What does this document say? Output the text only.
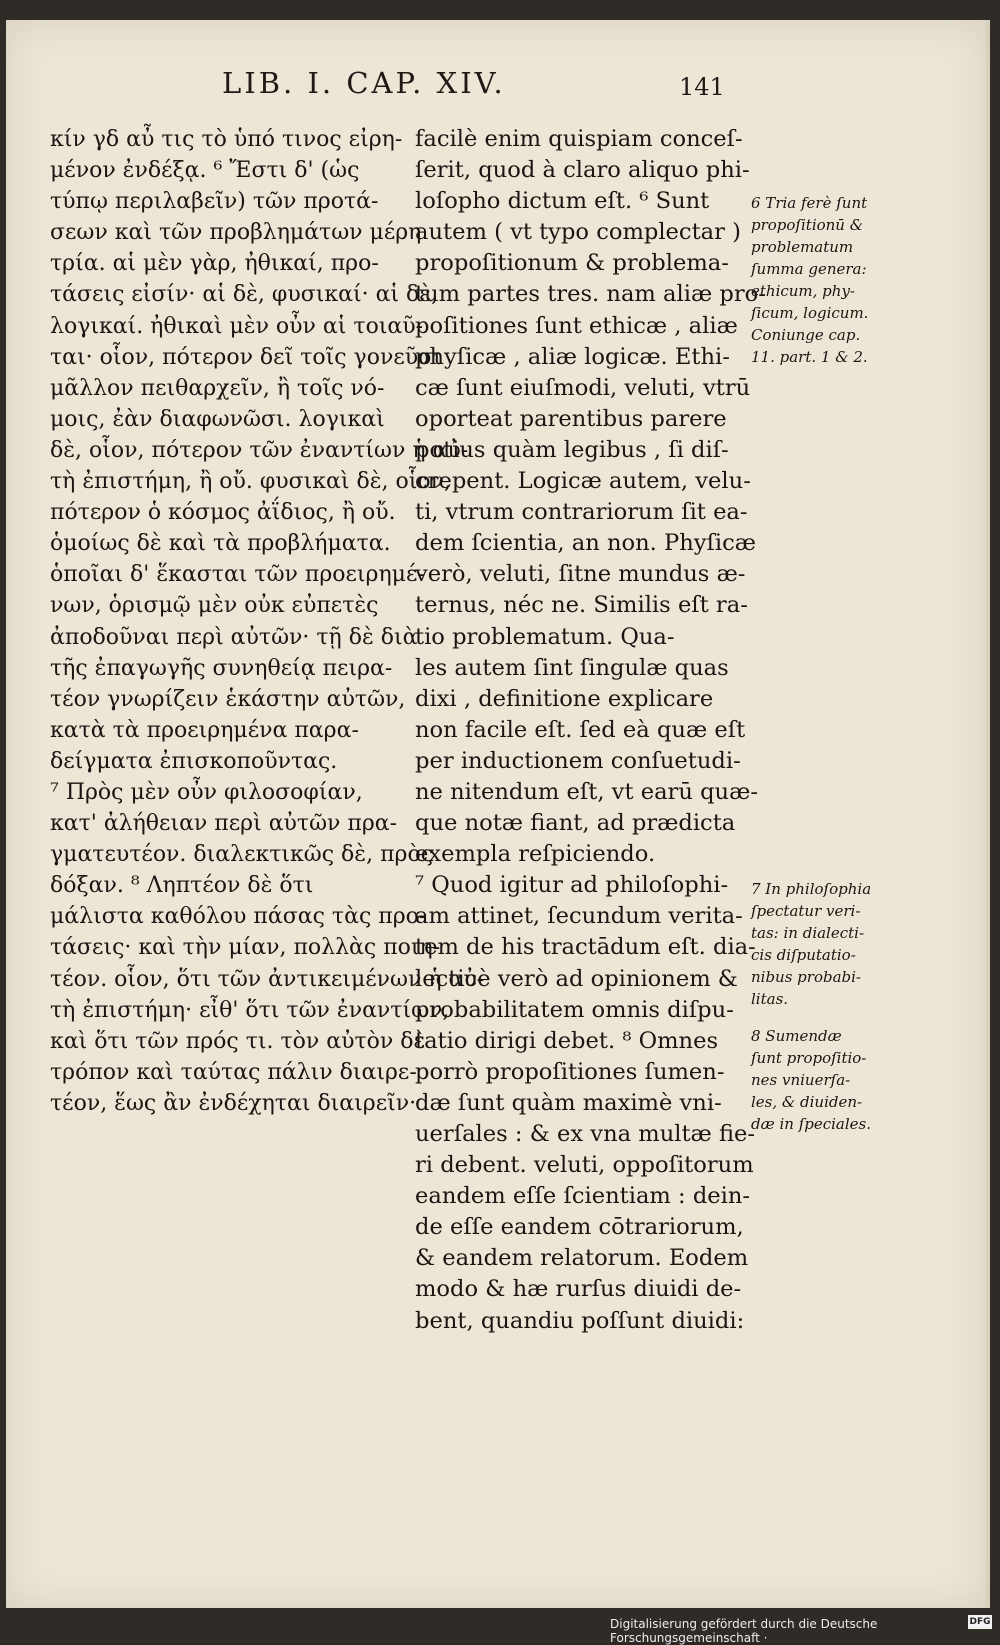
LIB. I. CAP. XIV.	141
κίν γδ αὖ τις τὸ ὑπό τινος εἰρη-
μένον ἐνδέξᾳ. ⁶ Ἔστι δ' (ὡς
τύπῳ περιλαβεῖν) τῶν προτά-
σεων καὶ τῶν προβλημάτων μέρη
τρία. αἱ μὲν γὰρ, ἠθικαί, προ-
τάσεις εἰσίν· αἱ δὲ, φυσικαί· αἱ δὲ,
λογικαί. ἠθικαὶ μὲν οὖν αἱ τοιαῦ-
ται· οἷον, πότερον δεῖ τοῖς γονεῦσι
μᾶλλον πειθαρχεῖν, ἢ τοῖς νό-
μοις, ἐὰν διαφωνῶσι. λογικαὶ
δὲ, οἷον, πότερον τῶν ἐναντίων ἡ αὐ-
τὴ ἐπιστήμη, ἢ οὔ. φυσικαὶ δὲ, οἷον,
πότερον ὁ κόσμος ἀΐδιος, ἢ οὔ.
ὁμοίως δὲ καὶ τὰ προβλήματα.
ὁποῖαι δ' ἕκασται τῶν προειρημέ-
νων, ὁρισμῷ μὲν οὐκ εὐπετὲς
ἀποδοῦναι περὶ αὐτῶν· τῇ δὲ διὰ
τῆς ἐπαγωγῆς συνηθείᾳ πειρα-
τέον γνωρίζειν ἑκάστην αὐτῶν,
κατὰ τὰ προειρημένα παρα-
δείγματα ἐπισκοποῦντας.
⁷ Πρὸς μὲν οὖν φιλοσοφίαν,
κατ' ἀλήθειαν περὶ αὐτῶν πρα-
γματευτέον. διαλεκτικῶς δὲ, πρὸς
δόξαν. ⁸ Ληπτέον δὲ ὅτι
μάλιστα καθόλου πάσας τὰς προ-
τάσεις· καὶ τὴν μίαν, πολλὰς ποιη-
τέον. οἷον, ὅτι τῶν ἀντικειμένων ἡ αὐ-
τὴ ἐπιστήμη· εἶθ' ὅτι τῶν ἐναντίων,
καὶ ὅτι τῶν πρός τι. τὸν αὐτὸν δὲ
τρόπον καὶ ταύτας πάλιν διαιρε-
τέον, ἕως ἂν ἐνδέχηται διαιρεῖν·
facilè enim quispiam conceſ-
ſerit, quod à claro aliquo phi-
loſopho dictum eſt. ⁶ Sunt
autem ( vt typo complectar )
propoſitionum & problema-
tum partes tres. nam aliæ pro-
poſitiones ſunt ethicæ , aliæ
phyſicæ , aliæ logicæ. Ethi-
cæ ſunt eiuſmodi, veluti, vtrū
oporteat parentibus parere
potius quàm legibus , ſi diſ-
crepent. Logicæ autem, velu-
ti, vtrum contrariorum ſit ea-
dem ſcientia, an non. Phyſicæ
verò, veluti, ſitne mundus æ-
ternus, néc ne. Similis eſt ra-
tio problematum. Qua-
les autem ſint ſingulæ quas
dixi , definitione explicare
non facile eſt. ſed eà quæ eſt
per inductionem conſuetudi-
ne nitendum eſt, vt earū quæ-
que notæ fiant, ad prædicta
exempla reſpiciendo.
⁷ Quod igitur ad philoſophi-
am attinet, ſecundum verita-
tem de his tractādum eſt. dia-
lecticè verò ad opinionem &
probabilitatem omnis diſpu-
tatio dirigi debet. ⁸ Omnes
porrò propoſitiones ſumen-
dæ ſunt quàm maximè vni-
uerſales : & ex vna multæ fie-
ri debent. veluti, oppoſitorum
eandem eſſe ſcientiam : dein-
de eſſe eandem cōtrariorum,
& eandem relatorum. Eodem
modo & hæ rurſus diuidi de-
bent, quandiu poſſunt diuidi:
6 Tria ferè ſunt
propoſitionū &
problematum
ſumma genera:
ethicum, phy-
ſicum, logicum.
Coniunge cap.
11. part. 1 & 2.
7 In philoſophia
ſpectatur veri-
tas: in dialecti-
cis diſputatio-
nibus probabi-
litas.
8 Sumendæ
ſunt propoſitio-
nes vniuerſa-
les, & diuiden-
dæ in ſpeciales.
Digitalisierung gefördert durch die Deutsche Forschungsgemeinschaft ·
DFG
